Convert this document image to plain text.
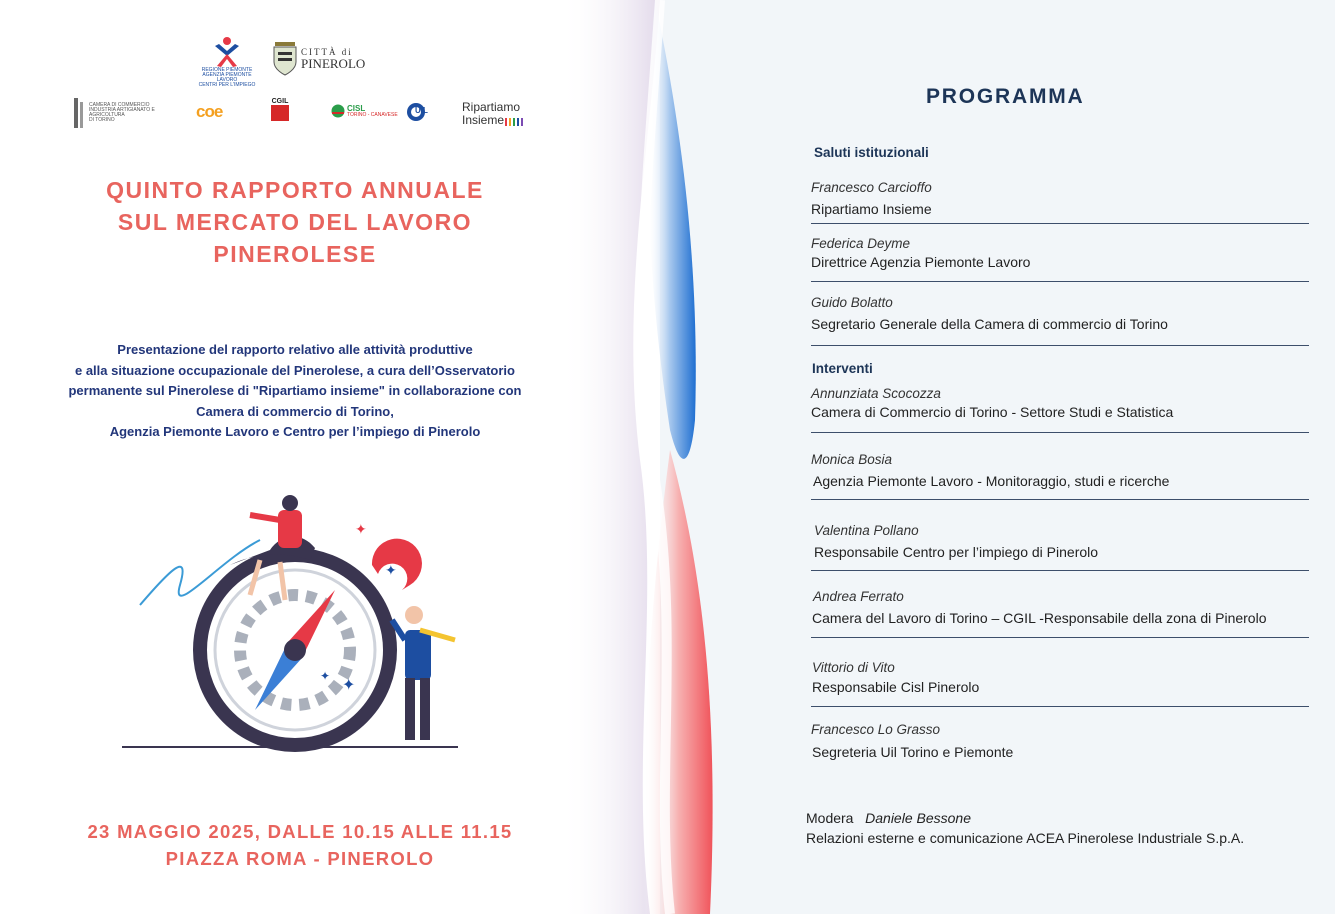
REGIONE PIEMONTE
AGENZIA PIEMONTE LAVORO
CENTRI PER L'IMPIEGO
CITTÀ di
PINEROLO
CAMERA DI COMMERCIO
INDUSTRIA ARTIGIANATO E AGRICOLTURA
DI TORINO	coe
CGIL
CISL
TORINO - CANAVESE UIL	Ripartiamo
Insieme
QUINTO RAPPORTO ANNUALE
SUL MERCATO DEL LAVORO
PINEROLESE
Presentazione del rapporto relativo alle attività produttive
e alla situazione occupazionale del Pinerolese, a cura dell’Osservatorio
permanente sul Pinerolese di "Ripartiamo insieme" in collaborazione con
Camera di commercio di Torino,
Agenzia Piemonte Lavoro e Centro per l’impiego di Pinerolo
✦
✦
✦ ✦
23 MAGGIO 2025, DALLE 10.15 ALLE 11.15
PIAZZA ROMA - PINEROLO
PROGRAMMA
Saluti istituzionali
Francesco Carcioffo
Ripartiamo Insieme
Federica Deyme
Direttrice Agenzia Piemonte Lavoro
Guido Bolatto
Segretario Generale della Camera di commercio di Torino
Interventi
Annunziata Scocozza
Camera di Commercio di Torino - Settore Studi e Statistica
Monica Bosia
Agenzia Piemonte Lavoro - Monitoraggio, studi e ricerche
Valentina Pollano
Responsabile Centro per l’impiego di Pinerolo
Andrea Ferrato
Camera del Lavoro di Torino – CGIL -Responsabile della zona di Pinerolo
Vittorio di Vito
Responsabile Cisl Pinerolo
Francesco Lo Grasso
Segreteria Uil Torino e Piemonte
Modera Daniele Bessone
Relazioni esterne e comunicazione ACEA Pinerolese Industriale S.p.A.
